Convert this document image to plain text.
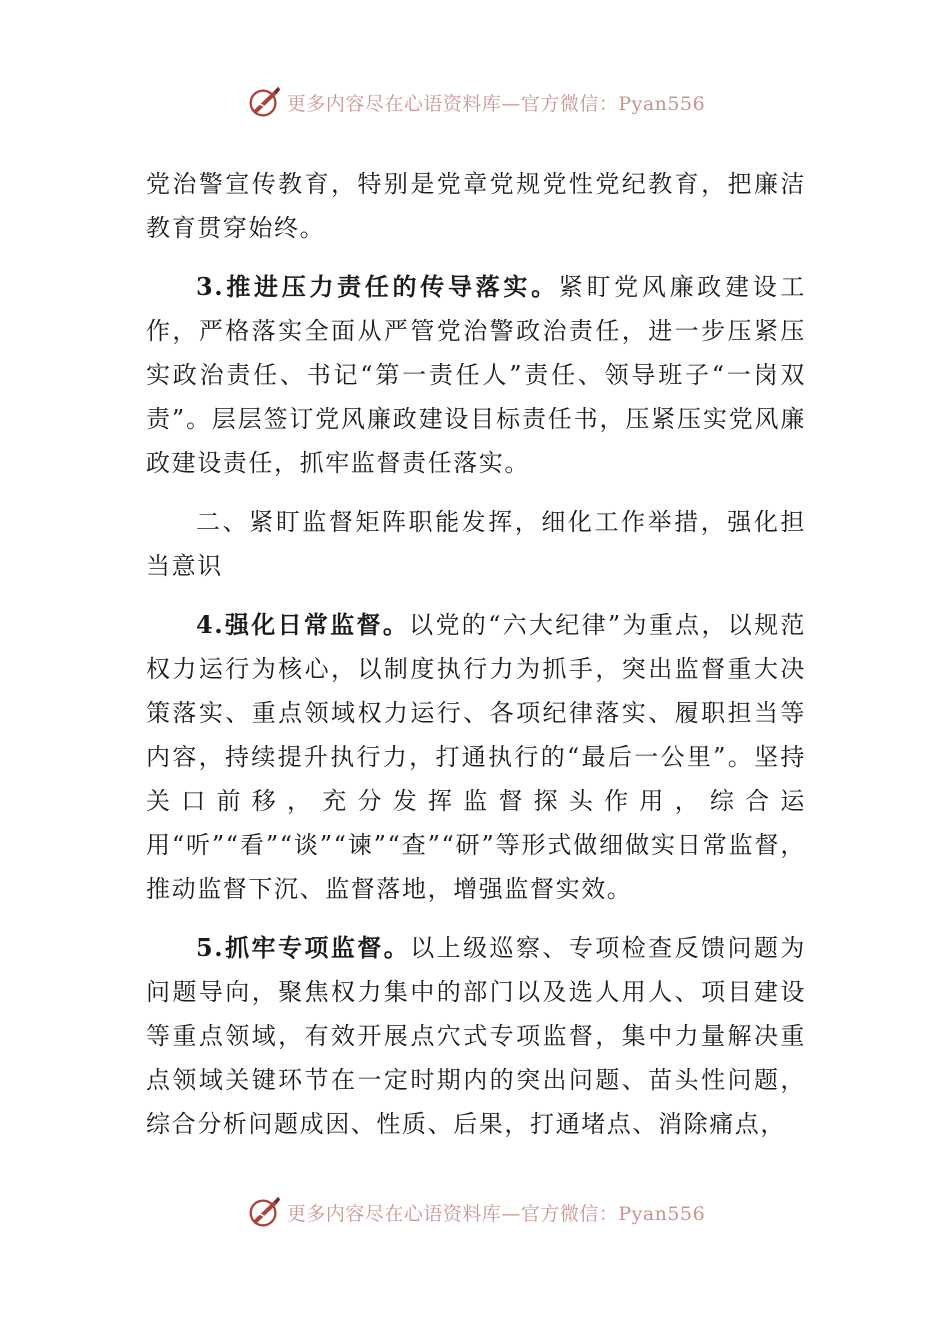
更多内容尽在心语资料库—官方微信：Pyan556

党治警宣传教育，特别是党章党规党性党纪教育，把廉洁教育贯穿始终。

3.推进压力责任的传导落实。紧盯党风廉政建设工作，严格落实全面从严管党治警政治责任，进一步压紧压实政治责任、书记“第一责任人”责任、领导班子“一岗双责”。层层签订党风廉政建设目标责任书，压紧压实党风廉政建设责任，抓牢监督责任落实。

二、紧盯监督矩阵职能发挥，细化工作举措，强化担当意识

4.强化日常监督。以党的“六大纪律”为重点，以规范权力运行为核心，以制度执行力为抓手，突出监督重大决策落实、重点领域权力运行、各项纪律落实、履职担当等内容，持续提升执行力，打通执行的“最后一公里”。坚持关口前移，充分发挥监督探头作用，综合运用“听”“看”“谈”“谏”“查”“研”等形式做细做实日常监督，推动监督下沉、监督落地，增强监督实效。

5.抓牢专项监督。以上级巡察、专项检查反馈问题为问题导向，聚焦权力集中的部门以及选人用人、项目建设等重点领域，有效开展点穴式专项监督，集中力量解决重点领域关键环节在一定时期内的突出问题、苗头性问题，综合分析问题成因、性质、后果，打通堵点、消除痛点，

更多内容尽在心语资料库—官方微信：Pyan556
